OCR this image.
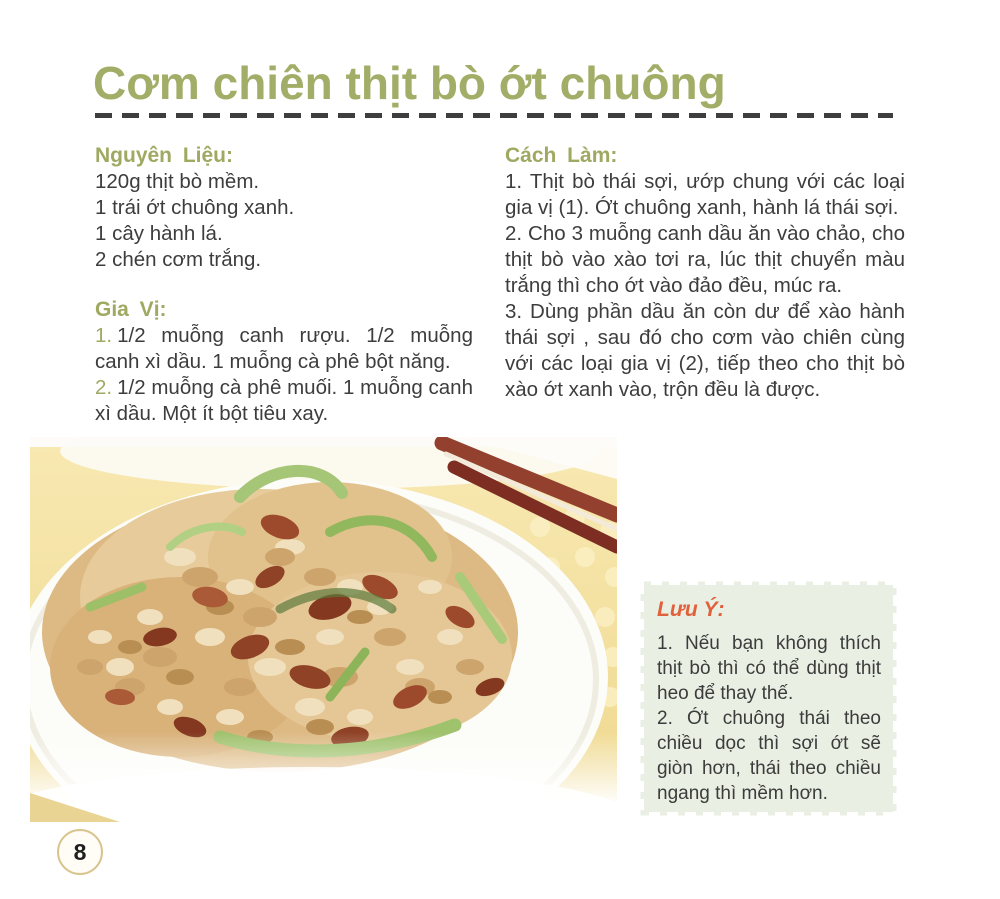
Cơm chiên thịt bò ớt chuông
Nguyên Liệu:
120g thịt bò mềm.
1 trái ớt chuông xanh.
1 cây hành lá.
2 chén cơm trắng.
Gia Vị:

1. 1/2 muỗng canh rượu. 1/2 muỗng canh xì dầu. 1 muỗng cà phê bột năng.

2. 1/2 muỗng cà phê muối. 1 muỗng canh xì dầu. Một ít bột tiêu xay.

Cách Làm:

1. Thịt bò thái sợi, ướp chung với các loại gia vị (1). Ớt chuông xanh, hành lá thái sợi.

2. Cho 3 muỗng canh dầu ăn vào chảo, cho thịt bò vào xào tơi ra, lúc thịt chuyển màu trắng thì cho ớt vào đảo đều, múc ra.

3. Dùng phần dầu ăn còn dư để xào hành thái sợi , sau đó cho cơm vào chiên cùng với các loại gia vị (2), tiếp theo cho thịt bò xào ớt xanh vào, trộn đều là được.

Lưu Ý:

1. Nếu bạn không thích thịt bò thì có thể dùng thịt heo để thay thế.

2. Ớt chuông thái theo chiều dọc thì sợi ớt sẽ giòn hơn, thái theo chiều ngang thì mềm hơn.

8
